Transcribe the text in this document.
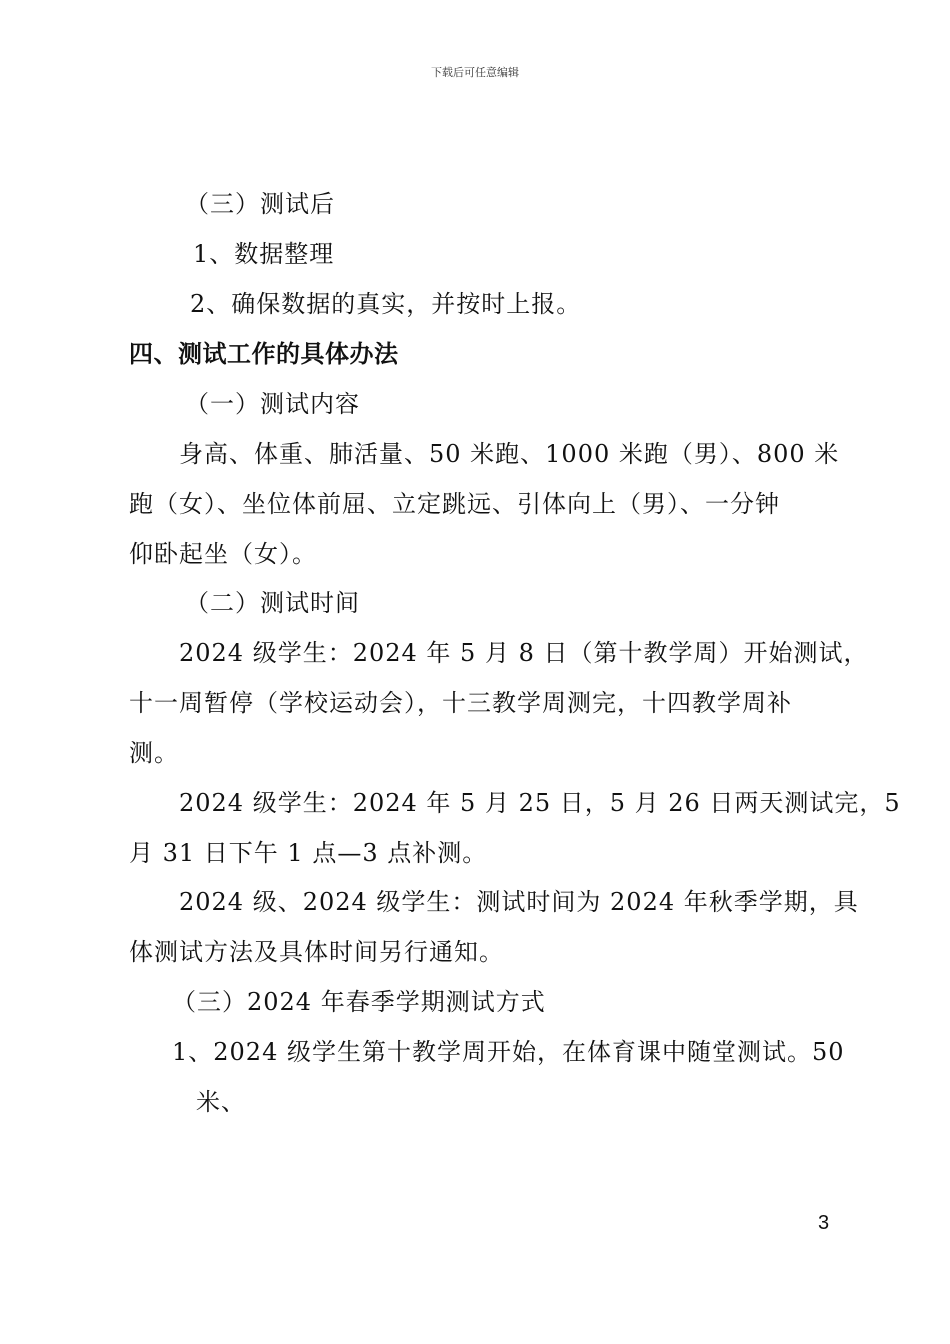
下载后可任意编辑
（三）测试后
1、数据整理
2、确保数据的真实，并按时上报。
四、测试工作的具体办法
（一）测试内容
身高、体重、肺活量、50 米跑、1000 米跑（男）、800 米
跑（女）、坐位体前屈、立定跳远、引体向上（男）、一分钟
仰卧起坐（女）。
（二）测试时间
2024 级学生：2024 年 5 月 8 日（第十教学周）开始测试，
十一周暂停（学校运动会），十三教学周测完，十四教学周补
测。
2024 级学生：2024 年 5 月 25 日，5 月 26 日两天测试完，5
月 31 日下午 1 点—3 点补测。
2024 级、2024 级学生：测试时间为 2024 年秋季学期，具
体测试方法及具体时间另行通知。
（三）2024 年春季学期测试方式
1、2024 级学生第十教学周开始，在体育课中随堂测试。50
米、
3
